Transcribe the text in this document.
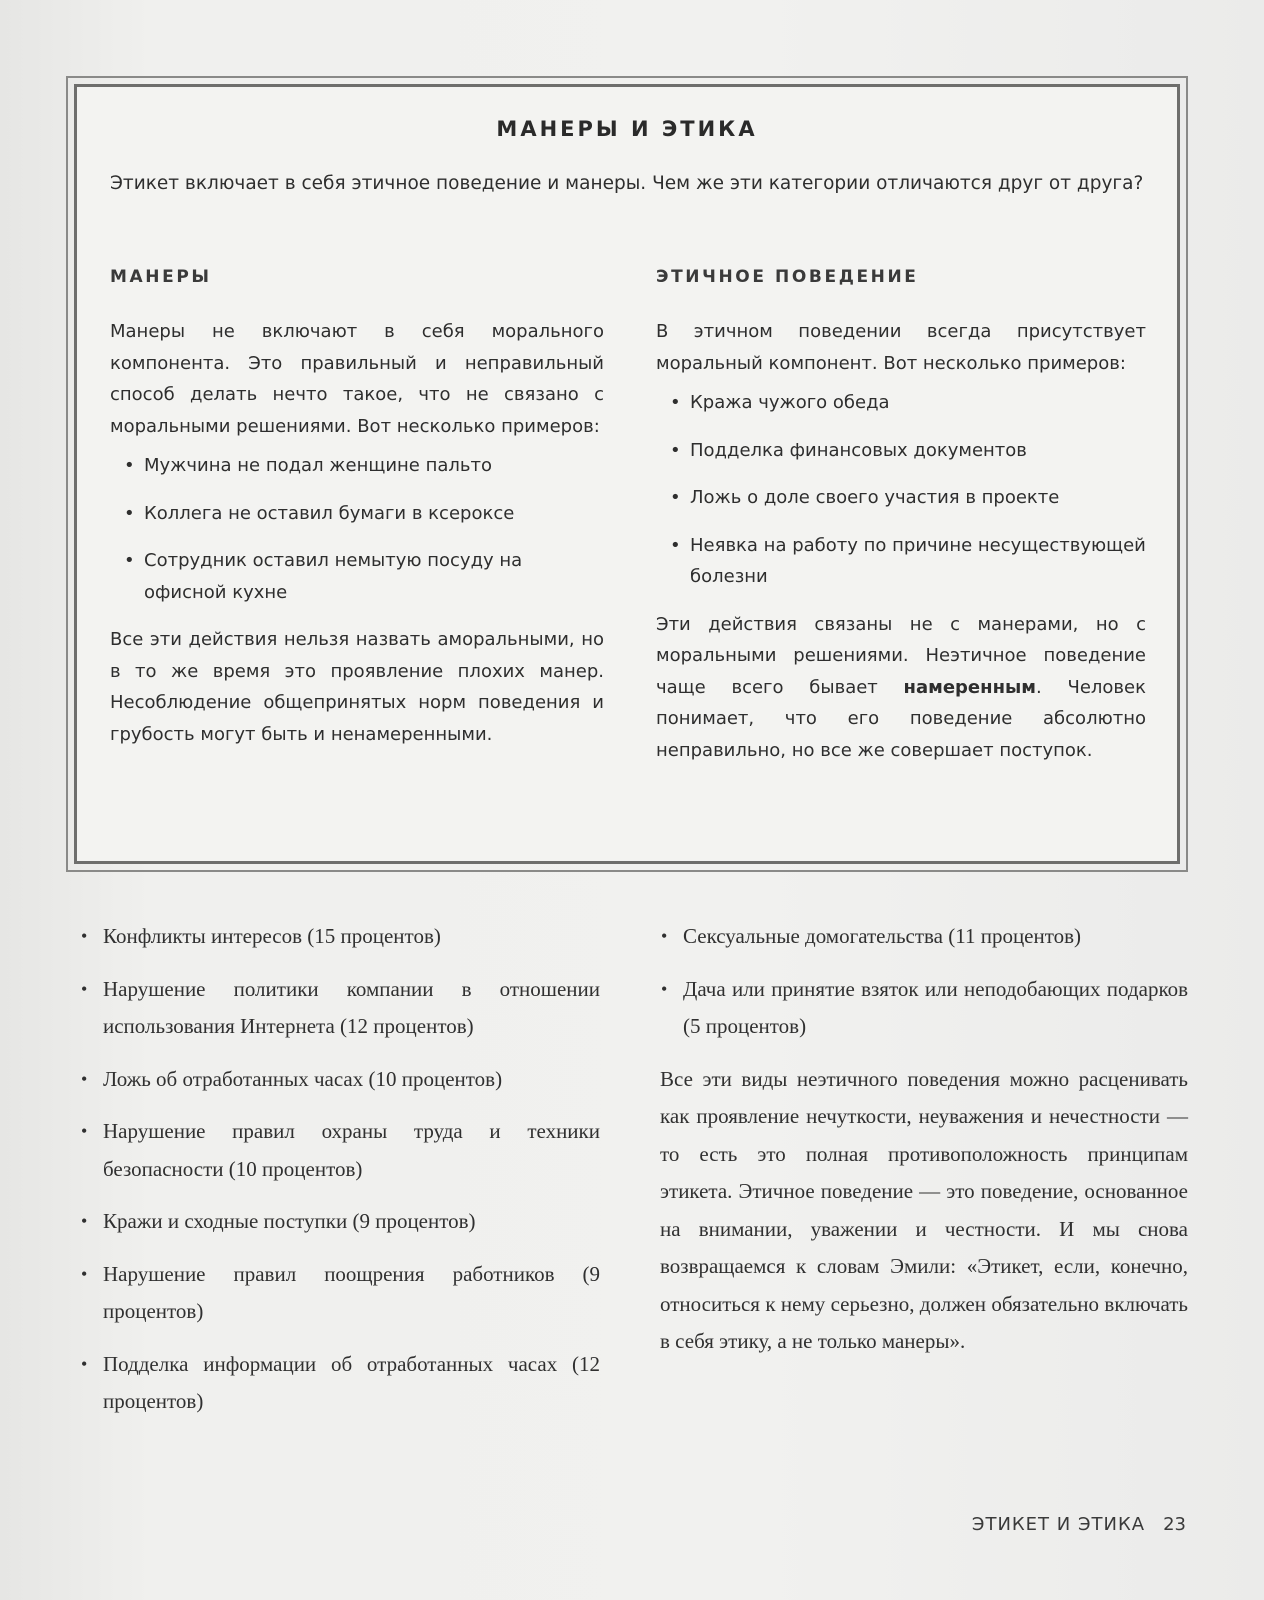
МАНЕРЫ И ЭТИКА

Этикет включает в себя этичное поведение и манеры. Чем же эти категории отличаются друг от друга?

МАНЕРЫ

Манеры не включают в себя морального компонента. Это правильный и неправильный способ делать нечто такое, что не связано с моральными решениями. Вот несколько примеров:

• Мужчина не подал женщине пальто
• Коллега не оставил бумаги в ксероксе
• Сотрудник оставил немытую посуду на офисной кухне

Все эти действия нельзя назвать аморальными, но в то же время это проявление плохих манер. Несоблюдение общепринятых норм поведения и грубость могут быть и ненамеренными.

ЭТИЧНОЕ ПОВЕДЕНИЕ

В этичном поведении всегда присутствует моральный компонент. Вот несколько примеров:

• Кража чужого обеда
• Подделка финансовых документов
• Ложь о доле своего участия в проекте
• Неявка на работу по причине несуществующей болезни

Эти действия связаны не с манерами, но с моральными решениями. Неэтичное поведение чаще всего бывает намеренным. Человек понимает, что его поведение абсолютно неправильно, но все же совершает поступок.

• Конфликты интересов (15 процентов)
• Нарушение политики компании в отношении использования Интернета (12 процентов)
• Ложь об отработанных часах (10 процентов)
• Нарушение правил охраны труда и техники безопасности (10 процентов)
• Кражи и сходные поступки (9 процентов)
• Нарушение правил поощрения работников (9 процентов)
• Подделка информации об отработанных часах (12 процентов)
• Сексуальные домогательства (11 процентов)
• Дача или принятие взяток или неподобающих подарков (5 процентов)

Все эти виды неэтичного поведения можно расценивать как проявление нечуткости, неуважения и нечестности — то есть это полная противоположность принципам этикета. Этичное поведение — это поведение, основанное на внимании, уважении и честности. И мы снова возвращаемся к словам Эмили: «Этикет, если, конечно, относиться к нему серьезно, должен обязательно включать в себя этику, а не только манеры».

ЭТИКЕТ И ЭТИКА 23
